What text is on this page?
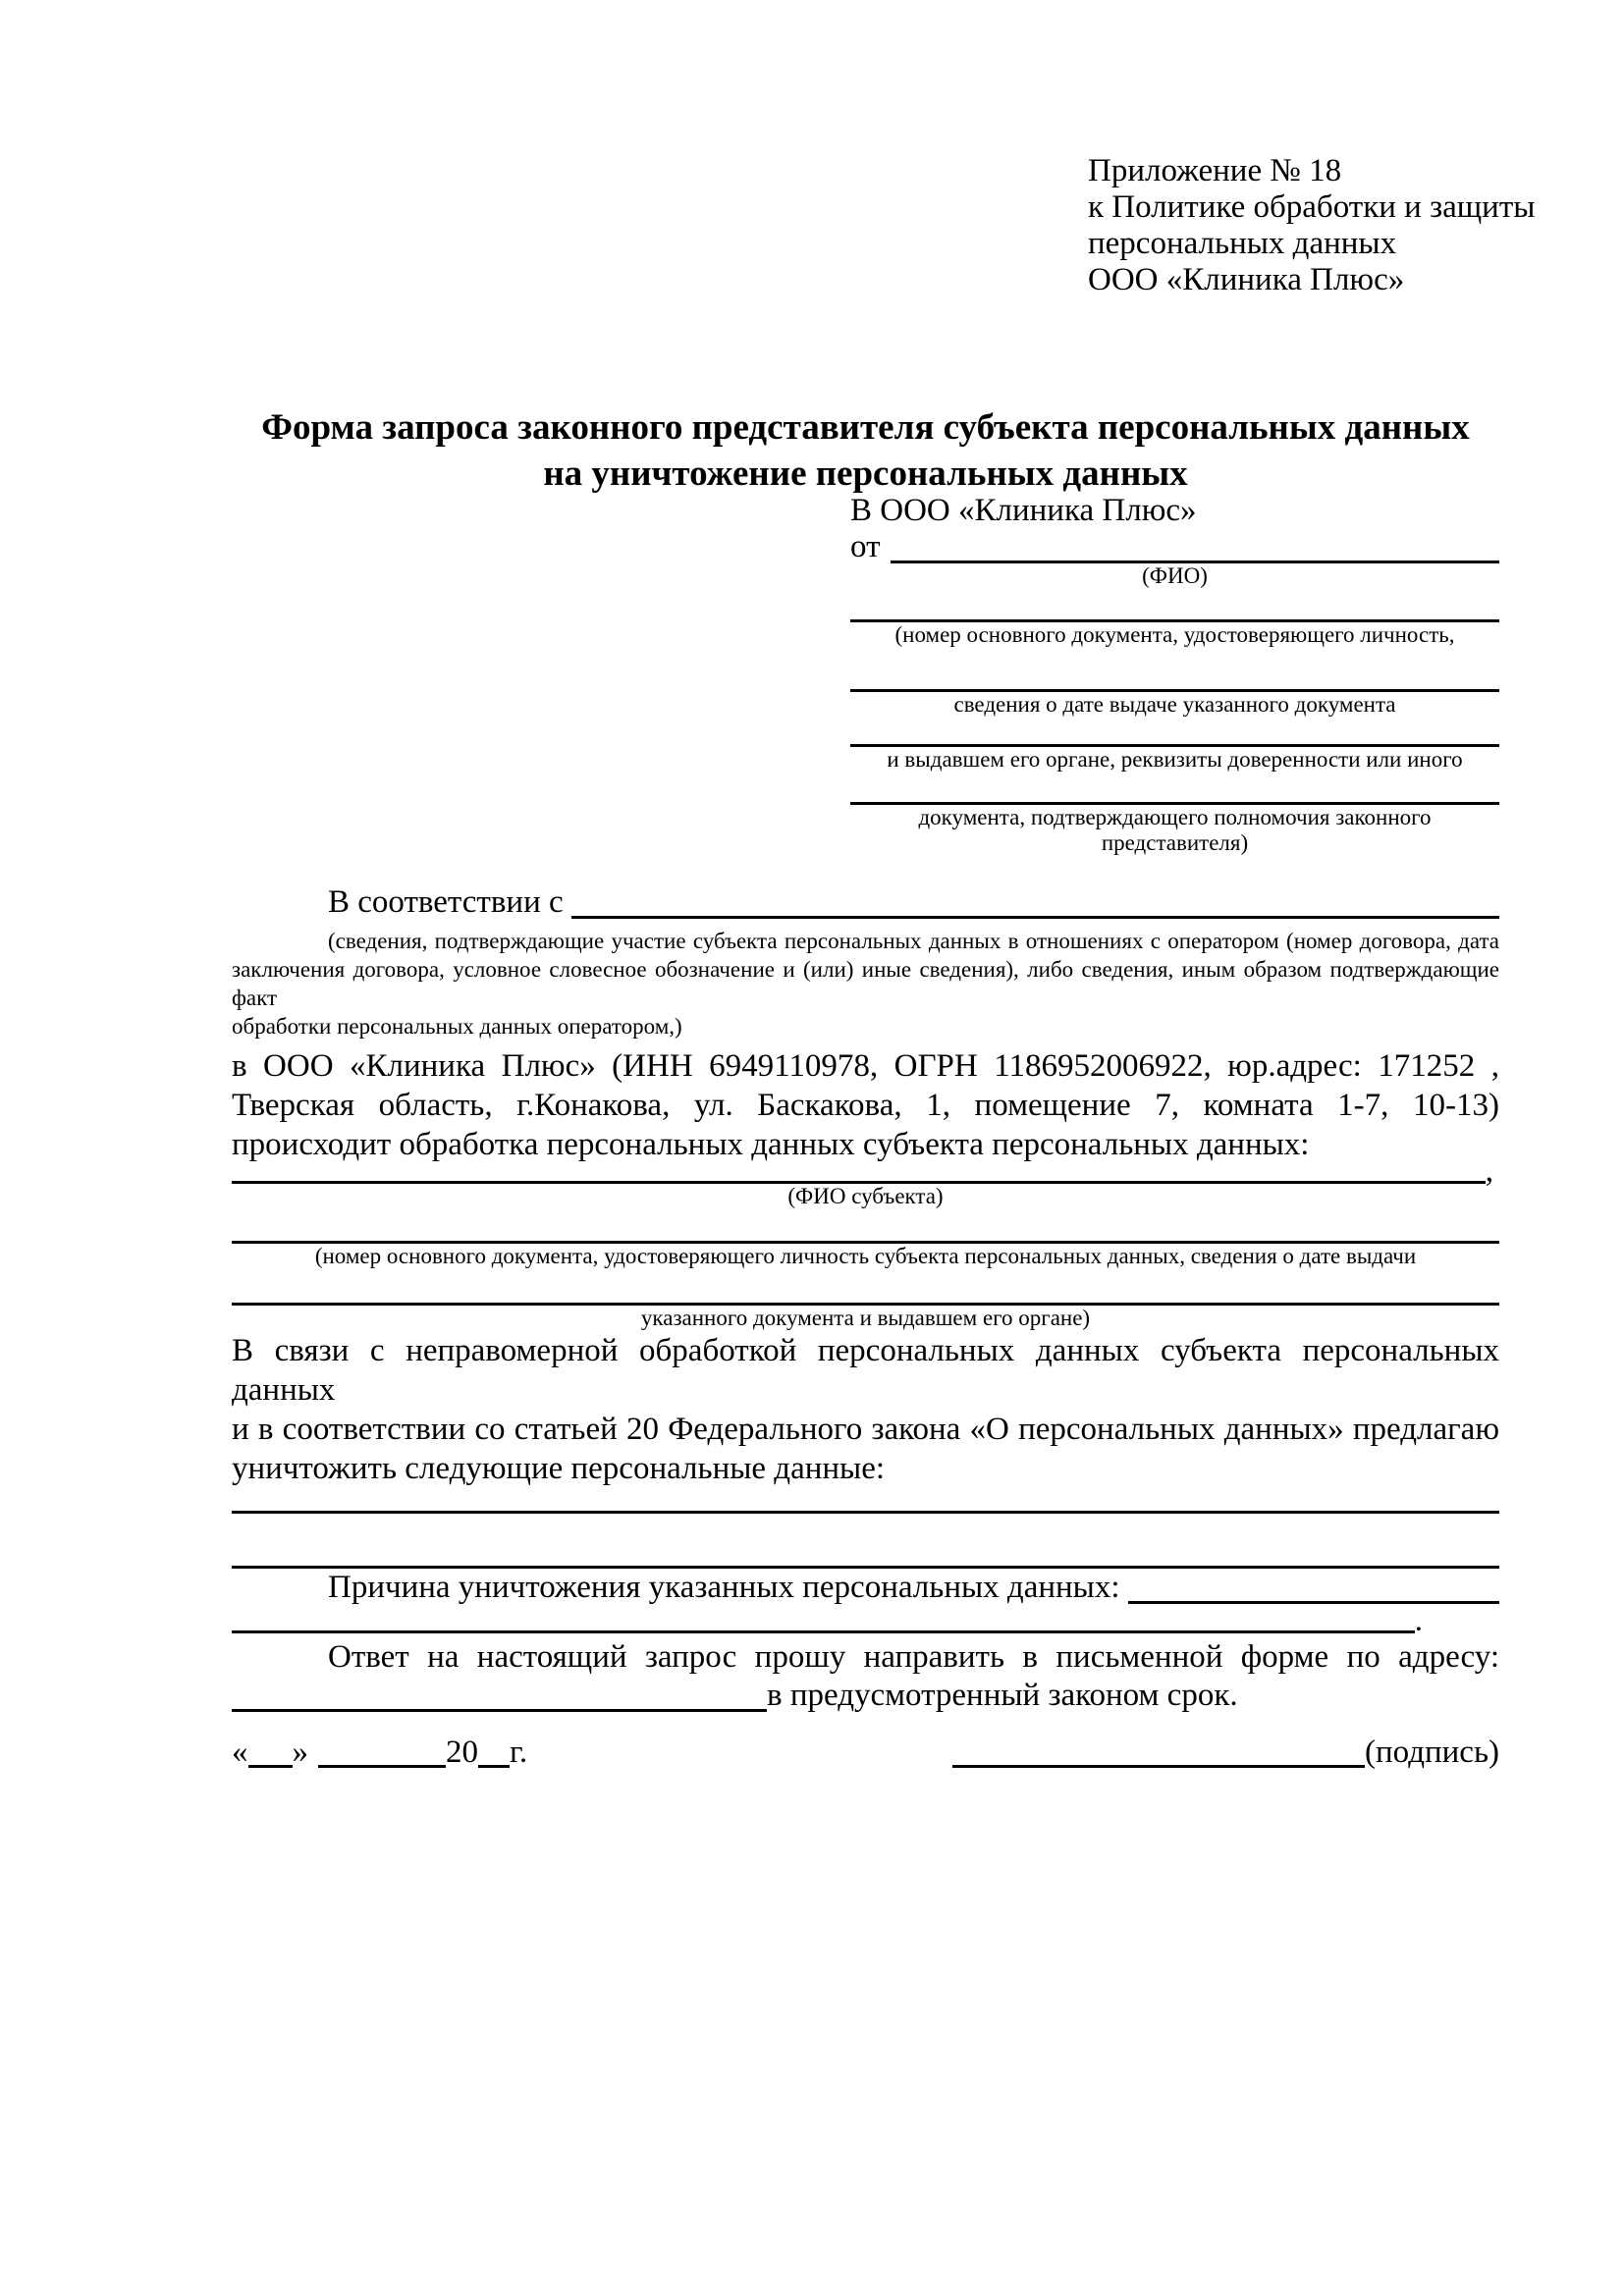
Приложение № 18
к Политике обработки и защиты
персональных данных
ООО «Клиника Плюс»
Форма запроса законного представителя субъекта персональных данных
на уничтожение персональных данных
В ООО «Клиника Плюс»
от
(ФИО)
(номер основного документа, удостоверяющего личность,
сведения о дате выдаче указанного документа
и выдавшем его органе, реквизиты доверенности или иного
документа, подтверждающего полномочия законного представителя)
В соответствии с
(сведения, подтверждающие участие субъекта персональных данных в отношениях с оператором (номер договора, дата
заключения договора, условное словесное обозначение и (или) иные сведения), либо сведения, иным образом подтверждающие факт
обработки персональных данных оператором,)
в ООО «Клиника Плюс» (ИНН 6949110978, ОГРН 1186952006922, юр.адрес: 171252 ,
Тверская область, г.Конакова, ул. Баскакова, 1, помещение 7, комната 1-7, 10-13)
происходит обработка персональных данных субъекта персональных данных:
,
(ФИО субъекта)
(номер основного документа, удостоверяющего личность субъекта персональных данных, сведения о дате выдачи
указанного документа и выдавшем его органе)
В связи с неправомерной обработкой персональных данных субъекта персональных данных
и в соответствии со статьей 20 Федерального закона «О персональных данных» предлагаю
уничтожить следующие персональные данные:
Причина уничтожения указанных персональных данных:
.
Ответ на настоящий запрос прошу направить в письменной форме по адресу:
в предусмотренный законом срок.
« »	20 г.	(подпись)
